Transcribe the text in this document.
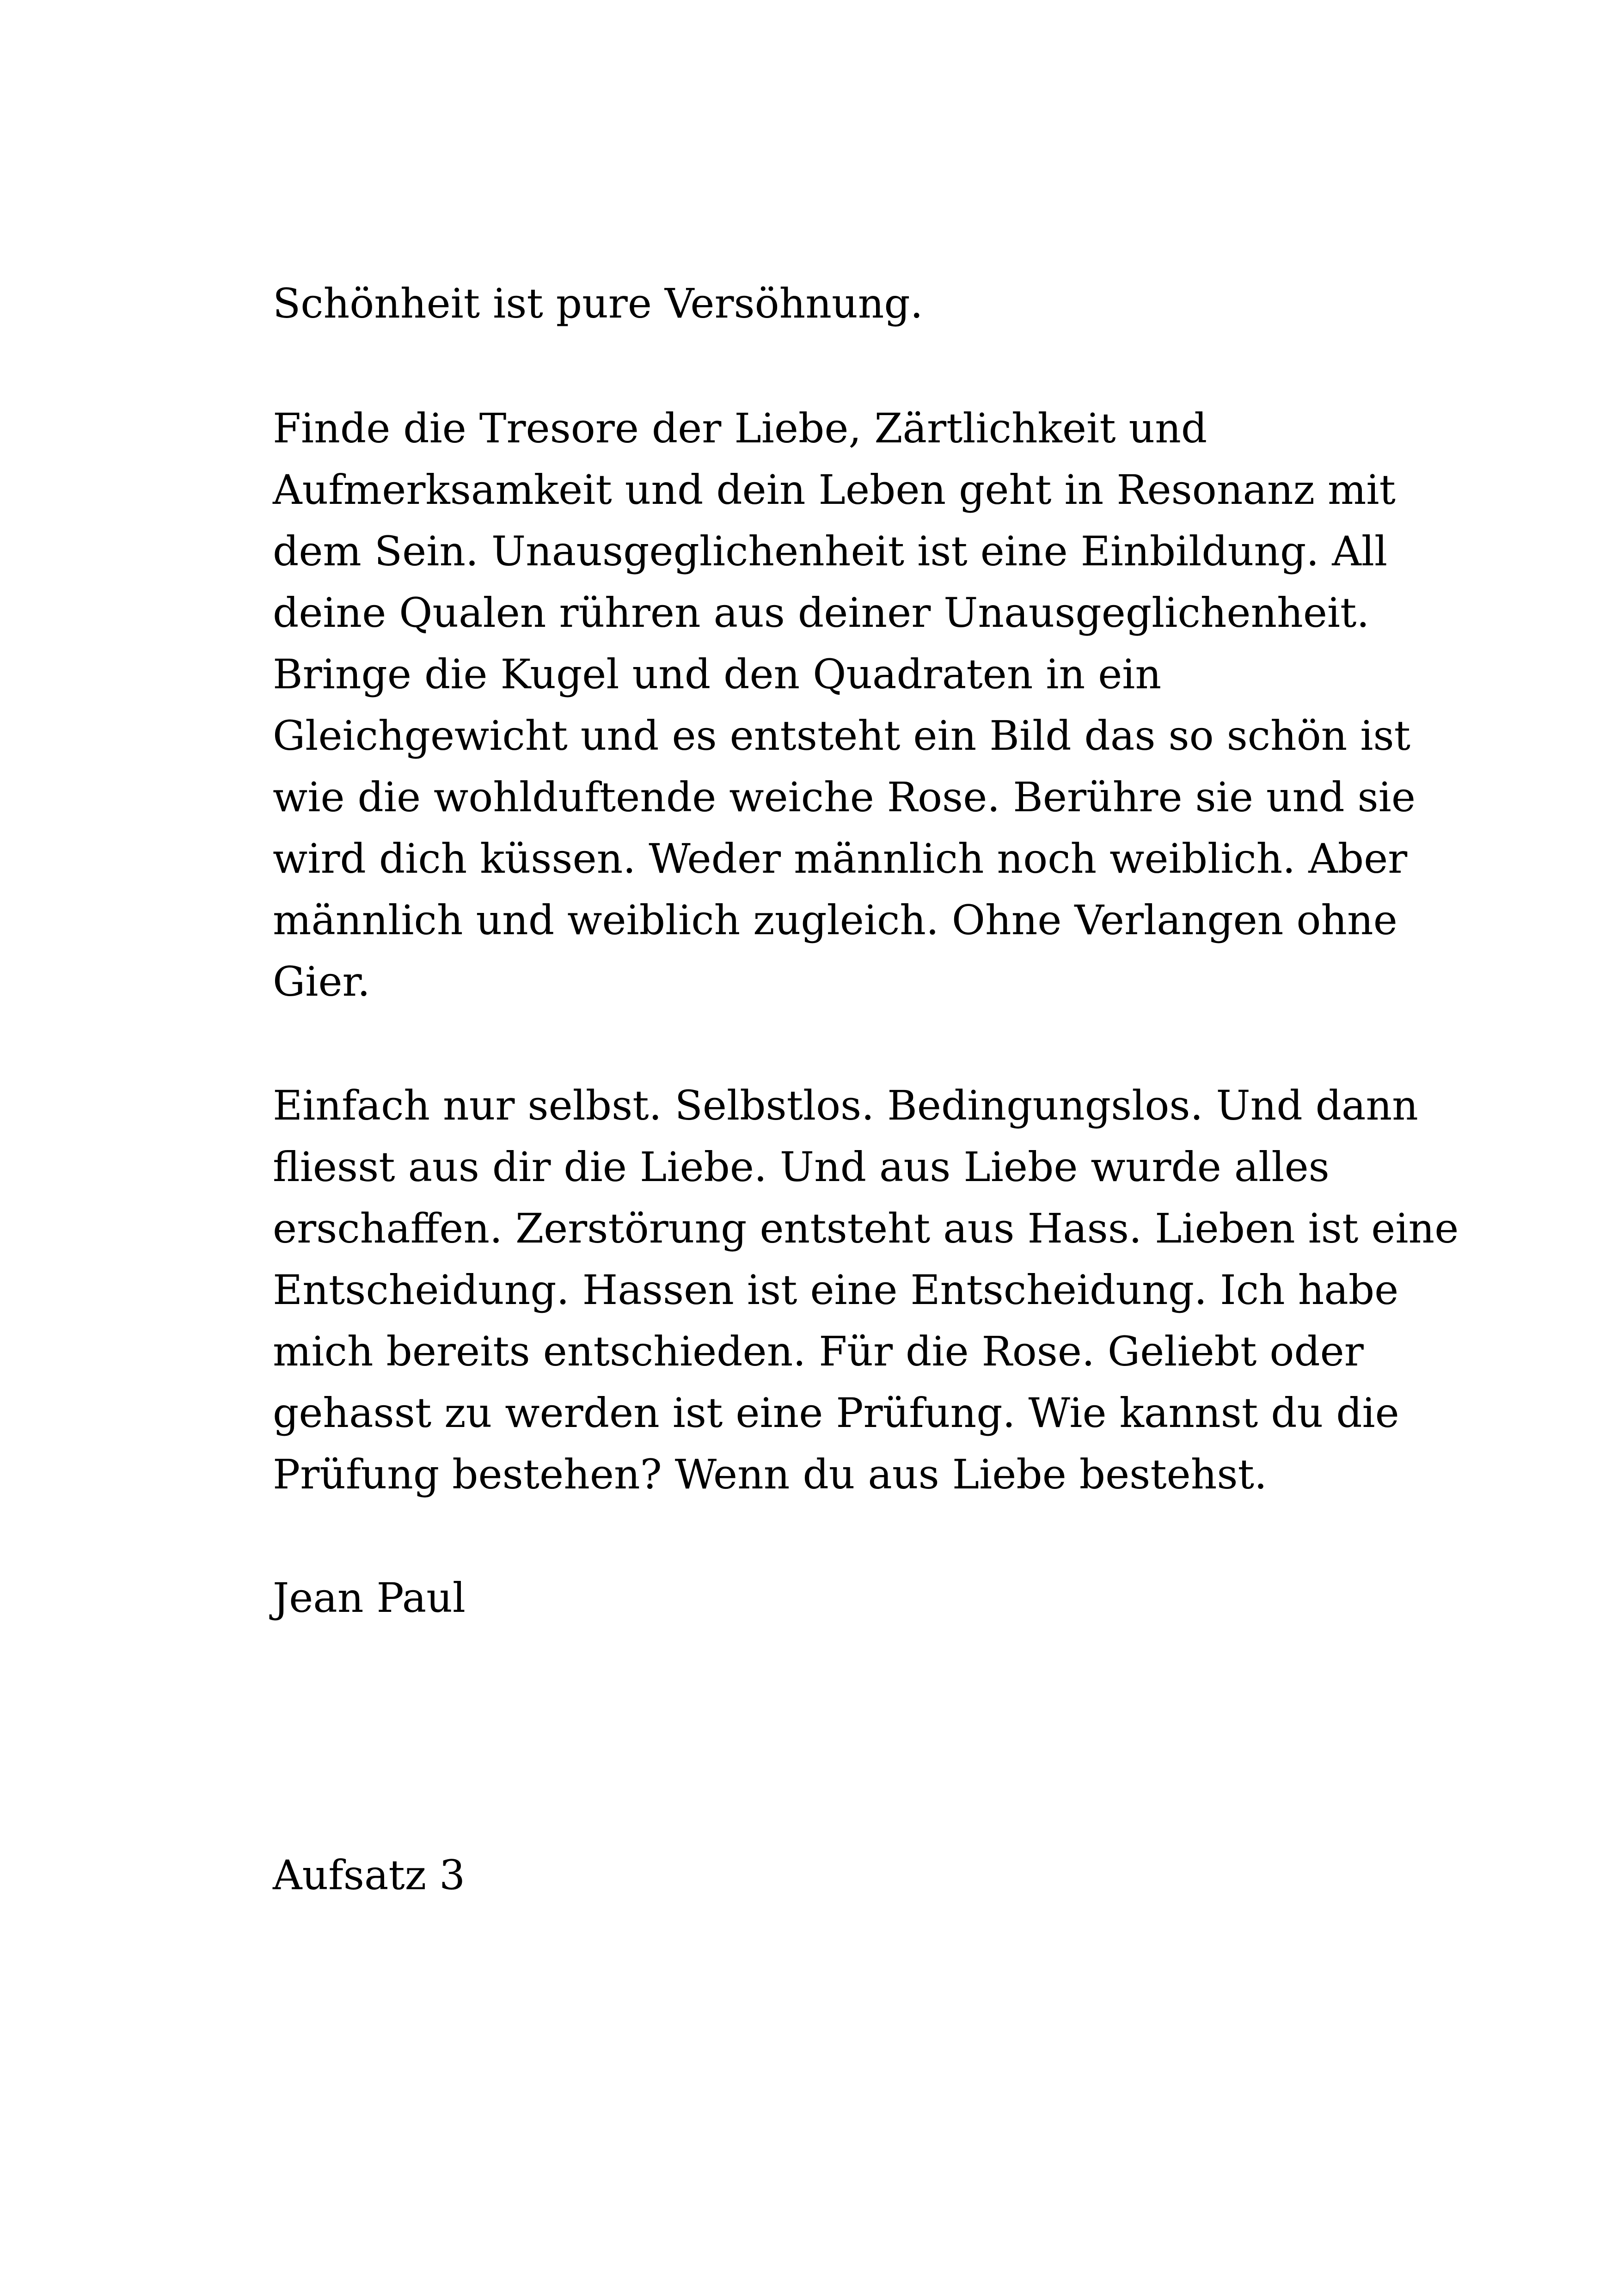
Schönheit ist pure Versöhnung.

Finde die Tresore der Liebe, Zärtlichkeit und
Aufmerksamkeit und dein Leben geht in Resonanz mit
dem Sein. Unausgeglichenheit ist eine Einbildung. All
deine Qualen rühren aus deiner Unausgeglichenheit.
Bringe die Kugel und den Quadraten in ein
Gleichgewicht und es entsteht ein Bild das so schön ist
wie die wohlduftende weiche Rose. Berühre sie und sie
wird dich küssen. Weder männlich noch weiblich. Aber
männlich und weiblich zugleich. Ohne Verlangen ohne
Gier.

Einfach nur selbst. Selbstlos. Bedingungslos. Und dann
fliesst aus dir die Liebe. Und aus Liebe wurde alles
erschaffen. Zerstörung entsteht aus Hass. Lieben ist eine
Entscheidung. Hassen ist eine Entscheidung. Ich habe
mich bereits entschieden. Für die Rose. Geliebt oder
gehasst zu werden ist eine Prüfung. Wie kannst du die
Prüfung bestehen? Wenn du aus Liebe bestehst.

Jean Paul

Aufsatz 3
